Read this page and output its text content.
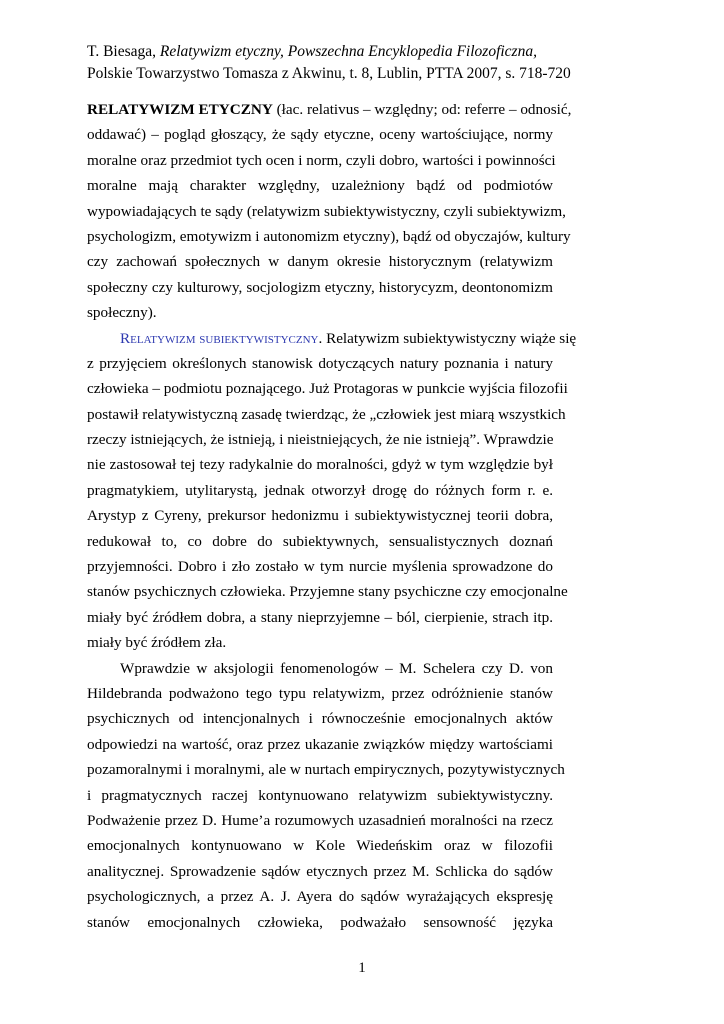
T. Biesaga, Relatywizm etyczny, Powszechna Encyklopedia Filozoficzna,
Polskie Towarzystwo Tomasza z Akwinu, t. 8, Lublin, PTTA 2007, s. 718-720
RELATYWIZM ETYCZNY (łac. relativus – względny; od: referre – odnosić,
oddawać) – pogląd głoszący, że sądy etyczne, oceny wartościujące, normy
moralne oraz przedmiot tych ocen i norm, czyli dobro, wartości i powinności
moralne mają charakter względny, uzależniony bądź od podmiotów
wypowiadających te sądy (relatywizm subiektywistyczny, czyli subiektywizm,
psychologizm, emotywizm i autonomizm etyczny), bądź od obyczajów, kultury
czy zachowań społecznych w danym okresie historycznym (relatywizm
społeczny czy kulturowy, socjologizm etyczny, historycyzm, deontonomizm
społeczny).
Relatywizm subiektywistyczny. Relatywizm subiektywistyczny wiąże się
z przyjęciem określonych stanowisk dotyczących natury poznania i natury
człowieka – podmiotu poznającego. Już Protagoras w punkcie wyjścia filozofii
postawił relatywistyczną zasadę twierdząc, że „człowiek jest miarą wszystkich
rzeczy istniejących, że istnieją, i nieistniejących, że nie istnieją”. Wprawdzie
nie zastosował tej tezy radykalnie do moralności, gdyż w tym względzie był
pragmatykiem, utylitarystą, jednak otworzył drogę do różnych form r. e.
Arystyp z Cyreny, prekursor hedonizmu i subiektywistycznej teorii dobra,
redukował to, co dobre do subiektywnych, sensualistycznych doznań
przyjemności. Dobro i zło zostało w tym nurcie myślenia sprowadzone do
stanów psychicznych człowieka. Przyjemne stany psychiczne czy emocjonalne
miały być źródłem dobra, a stany nieprzyjemne – ból, cierpienie, strach itp.
miały być źródłem zła.
Wprawdzie w aksjologii fenomenologów – M. Schelera czy D. von
Hildebranda podważono tego typu relatywizm, przez odróżnienie stanów
psychicznych od intencjonalnych i równocześnie emocjonalnych aktów
odpowiedzi na wartość, oraz przez ukazanie związków między wartościami
pozamoralnymi i moralnymi, ale w nurtach empirycznych, pozytywistycznych
i pragmatycznych raczej kontynuowano relatywizm subiektywistyczny.
Podważenie przez D. Hume’a rozumowych uzasadnień moralności na rzecz
emocjonalnych kontynuowano w Kole Wiedeńskim oraz w filozofii
analitycznej. Sprowadzenie sądów etycznych przez M. Schlicka do sądów
psychologicznych, a przez A. J. Ayera do sądów wyrażających ekspresję
stanów emocjonalnych człowieka, podważało sensowność języka
1
